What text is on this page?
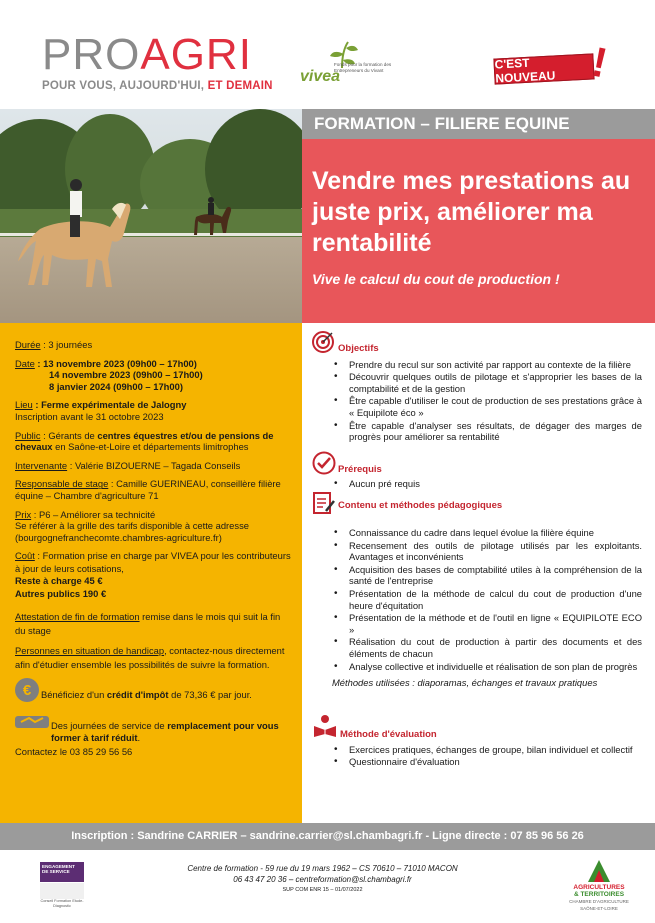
PROAGRI
POUR VOUS, AUJOURD'HUI, ET DEMAIN
vivea
Fonds pour la formation des Entrepreneurs du Vivant	C'EST NOUVEAU !
FORMATION – FILIERE EQUINE
Vendre mes prestations au juste prix, améliorer ma rentabilité
Vive le calcul du cout de production !

Durée : 3 journées

Date : 13 novembre 2023 (09h00 – 17h00)
14 novembre 2023 (09h00 – 17h00)
8 janvier 2024 (09h00 – 17h00)

Lieu : Ferme expérimentale de Jalogny
Inscription avant le 31 octobre 2023

Public : Gérants de centres équestres et/ou de pensions de chevaux en Saône-et-Loire et départements limitrophes

Intervenante : Valérie BIZOUERNE – Tagada Conseils

Responsable de stage : Camille GUERINEAU, conseillère filière équine – Chambre d'agriculture 71

Prix : P6 – Améliorer sa technicité
Se référer à la grille des tarifs disponible à cette adresse (bourgognefranchecomte.chambres-agriculture.fr)

Coût : Formation prise en charge par VIVEA pour les contributeurs à jour de leurs cotisations,
Reste à charge 45 €
Autres publics 190 €

Attestation de fin de formation remise dans le mois qui suit la fin du stage

Personnes en situation de handicap, contactez-nous directement afin d'étudier ensemble les possibilités de suivre la formation.

€	Bénéficiez d'un crédit d'impôt de 73,36 € par jour.
Des journées de service de remplacement pour vous former à tarif réduit.
Contactez le 03 85 29 56 56
Objectifs
• Prendre du recul sur son activité par rapport au contexte de la filière
• Découvrir quelques outils de pilotage et s'approprier les bases de la comptabilité et de la gestion
• Être capable d'utiliser le cout de production de ses prestations grâce à « Equipilote éco »
• Être capable d'analyser ses résultats, de dégager des marges de progrès pour améliorer sa rentabilité
Prérequis
• Aucun pré requis
Contenu et méthodes pédagogiques
• Connaissance du cadre dans lequel évolue la filière équine
• Recensement des outils de pilotage utilisés par les exploitants. Avantages et inconvénients
• Acquisition des bases de comptabilité utiles à la compréhension de la santé de l'entreprise
• Présentation de la méthode de calcul du cout de production d'une heure d'équitation
• Présentation de la méthode et de l'outil en ligne « EQUIPILOTE ECO »
• Réalisation du cout de production à partir des documents et des éléments de chacun
• Analyse collective et individuelle et réalisation de son plan de progrès
Méthodes utilisées : diaporamas, échanges et travaux pratiques
Méthode d'évaluation
• Exercices pratiques, échanges de groupe, bilan individuel et collectif
• Questionnaire d'évaluation
Inscription : Sandrine CARRIER – sandrine.carrier@sl.chambagri.fr - Ligne directe : 07 85 96 56 26
ENGAGEMENT DE SERVICE
Conseil Formation Etude-Diagnostic
Centre de formation - 59 rue du 19 mars 1962 – CS 70610 – 71010 MACON
06 43 47 20 36 – centreformation@sl.chambagri.fr
SUP COM ENR 15 – 01/07/2022	AGRICULTURES
& TERRITOIRES
CHAMBRE D'AGRICULTURE SAÔNE-ET-LOIRE
